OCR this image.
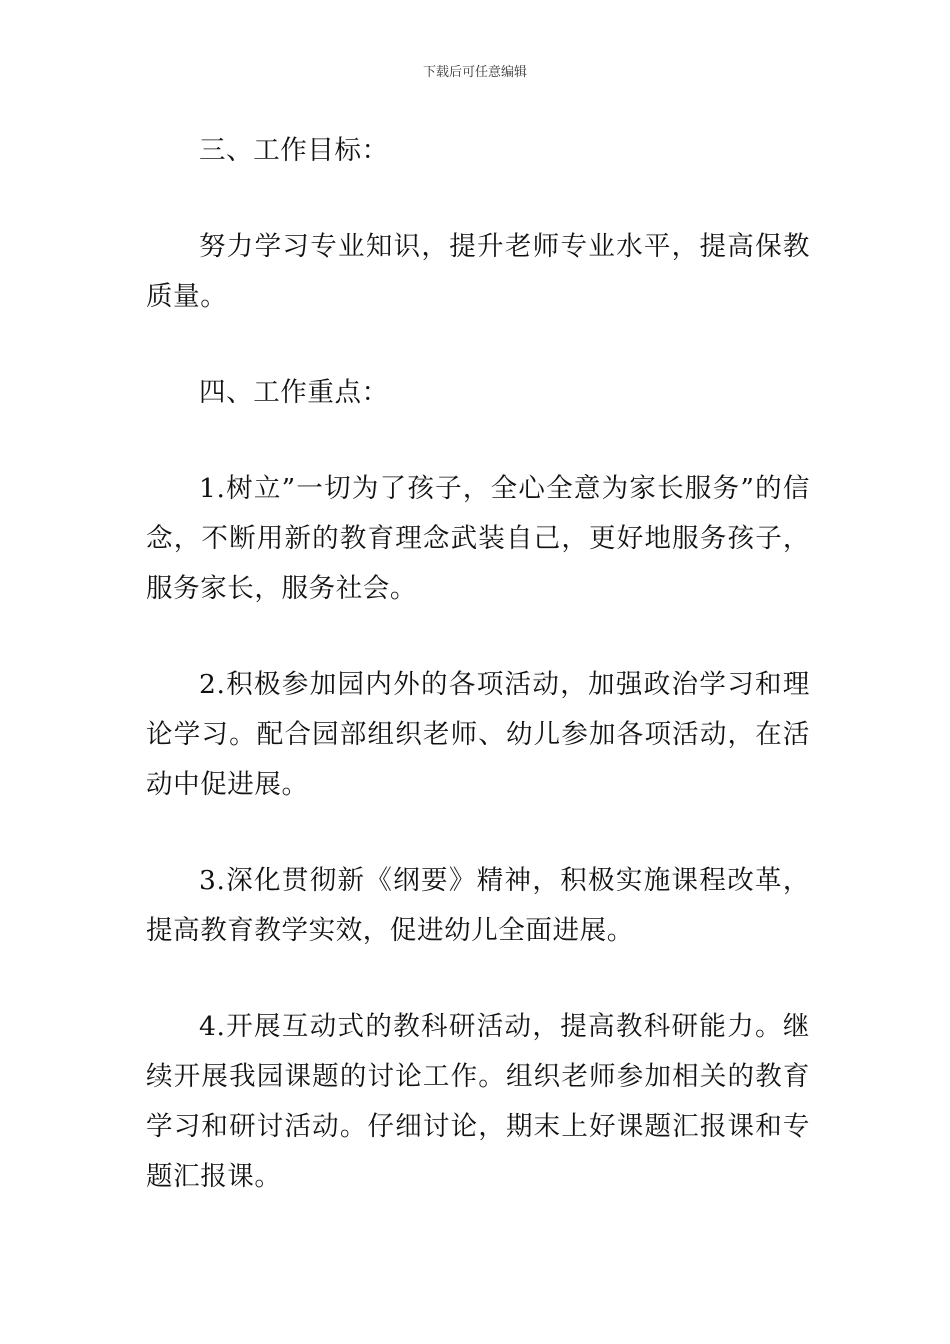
下载后可任意编辑

三、工作目标：

努力学习专业知识，提升老师专业水平，提高保教质量。

四、工作重点：

1.树立”一切为了孩子，全心全意为家长服务”的信念，不断用新的教育理念武装自己，更好地服务孩子，服务家长，服务社会。

2.积极参加园内外的各项活动，加强政治学习和理论学习。配合园部组织老师、幼儿参加各项活动，在活动中促进展。

3.深化贯彻新《纲要》精神，积极实施课程改革，提高教育教学实效，促进幼儿全面进展。

4.开展互动式的教科研活动，提高教科研能力。继续开展我园课题的讨论工作。组织老师参加相关的教育学习和研讨活动。仔细讨论，期末上好课题汇报课和专题汇报课。
